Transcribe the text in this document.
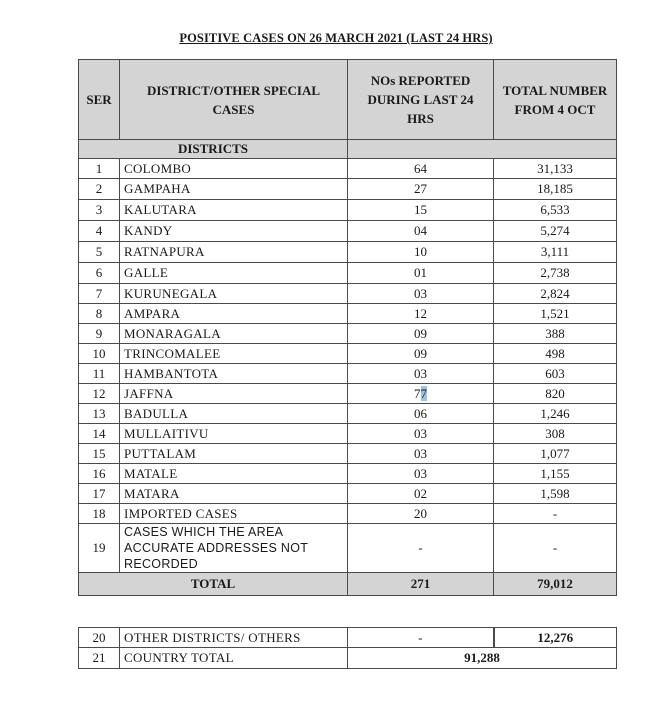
POSITIVE CASES ON 26 MARCH 2021 (LAST 24 HRS)
SER	DISTRICT/OTHER SPECIAL CASES	NOs REPORTED DURING LAST 24 HRS	TOTAL NUMBER FROM 4 OCT
DISTRICTS			
1	COLOMBO	64	31,133
2	GAMPAHA	27	18,185
3	KALUTARA	15	6,533
4	KANDY	04	5,274
5	RATNAPURA	10	3,111
6	GALLE	01	2,738
7	KURUNEGALA	03	2,824
8	AMPARA	12	1,521
9	MONARAGALA	09	388
10	TRINCOMALEE	09	498
11	HAMBANTOTA	03	603
12	JAFFNA	77	820
13	BADULLA	06	1,246
14	MULLAITIVU	03	308
15	PUTTALAM	03	1,077
16	MATALE	03	1,155
17	MATARA	02	1,598
18	IMPORTED CASES	20	-
19	CASES WHICH THE AREA
ACCURATE ADDRESSES NOT
RECORDED	-	-
TOTAL		271	79,012
20	OTHER DISTRICTS/ OTHERS	-	12,276
21	COUNTRY TOTAL	91,288	
